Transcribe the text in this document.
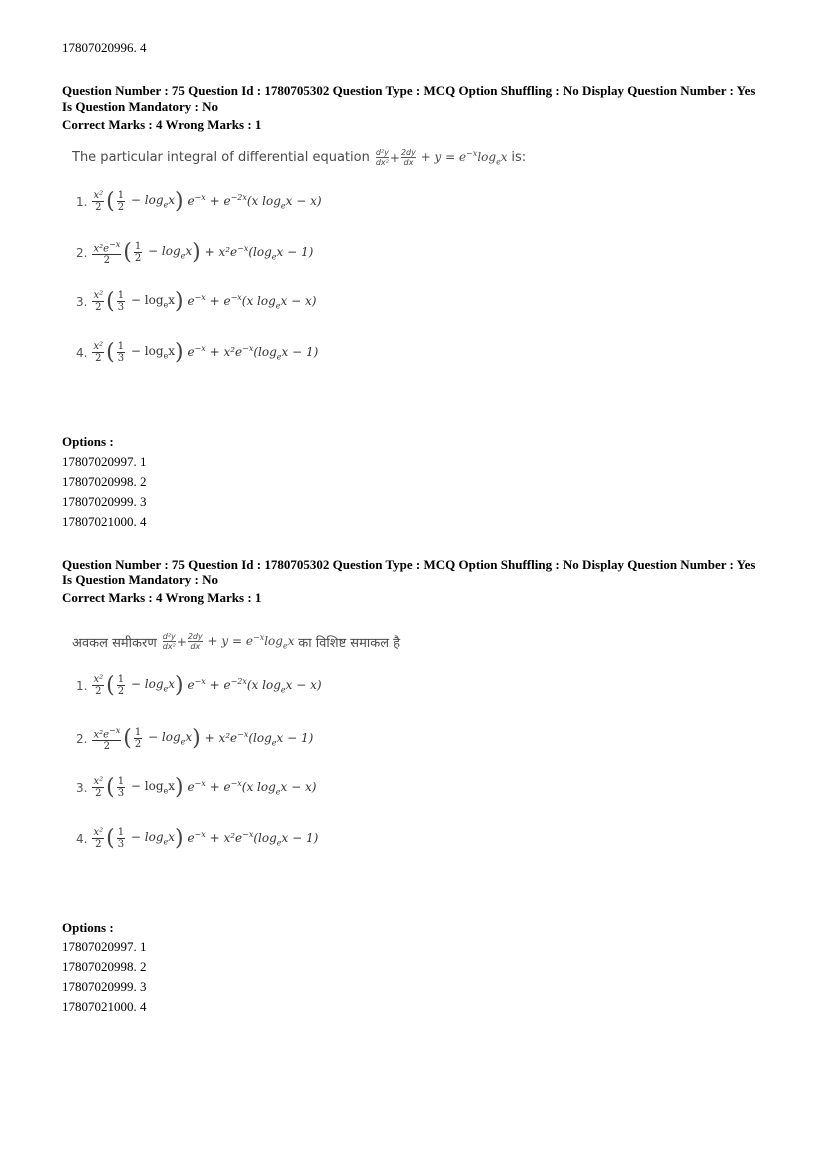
17807020996. 4
Question Number : 75 Question Id : 1780705302 Question Type : MCQ Option Shuffling : No Display Question Number : Yes
Is Question Mandatory : No
Correct Marks : 4 Wrong Marks : 1
The particular integral of differential equation $\frac{\text{d²y}}{\text{dx²}} + \frac{2dy}{dx} + y = e^{-x}\log_ex$ is:
1. $\frac{\text{x²}}{2}$ ( $\frac{1}{2} - \log_ex$ ) $e^{-x} + e^{-2x}(x$ $\log_ex - x$)
2. $\frac{x^2e^{-x}}{2}$ ( $\frac{1}{2} - \log_ex$ ) + $x^2e^{-x}(\log_ex - 1)$
3. $\frac{\text{x²}}{2}$ ( $\frac{1}{3} - \log_ex$ ) $e^{-x} + e^{-x}(x$ $\log_ex - x$)
4. $\frac{\text{x²}}{2}$ ( $\frac{1}{3} - \log_ex$ ) $e^{-x} + x^2e^{-x}(\log_ex - 1)$
Options :
17807020997. 1
17807020998. 2
17807020999. 3
17807021000. 4
Question Number : 75 Question Id : 1780705302 Question Type : MCQ Option Shuffling : No Display Question Number : Yes
Is Question Mandatory : No
Correct Marks : 4 Wrong Marks : 1
अवकल समीकरण $\frac{\text{d²y}}{\text{dx²}} + \frac{2dy}{dx} + y = e^{-x}\log_ex$ का विशिष्ट समाकल है
1. $\frac{\text{x²}}{2}$ ( $\frac{1}{2} - \log_ex$ ) $e^{-x} + e^{-2x}(x$ $\log_ex - x$)
2. $\frac{x^2e^{-x}}{2}$ ( $\frac{1}{2} - \log_ex$ ) + $x^2e^{-x}(\log_ex - 1)$
3. $\frac{\text{x²}}{2}$ ( $\frac{1}{3} - \log_ex$ ) $e^{-x} + e^{-x}(x$ $\log_ex - x$)
4. $\frac{\text{x²}}{2}$ ( $\frac{1}{3} - \log_ex$ ) $e^{-x} + x^2e^{-x}(\log_ex - 1)$
Options :
17807020997. 1
17807020998. 2
17807020999. 3
17807021000. 4
